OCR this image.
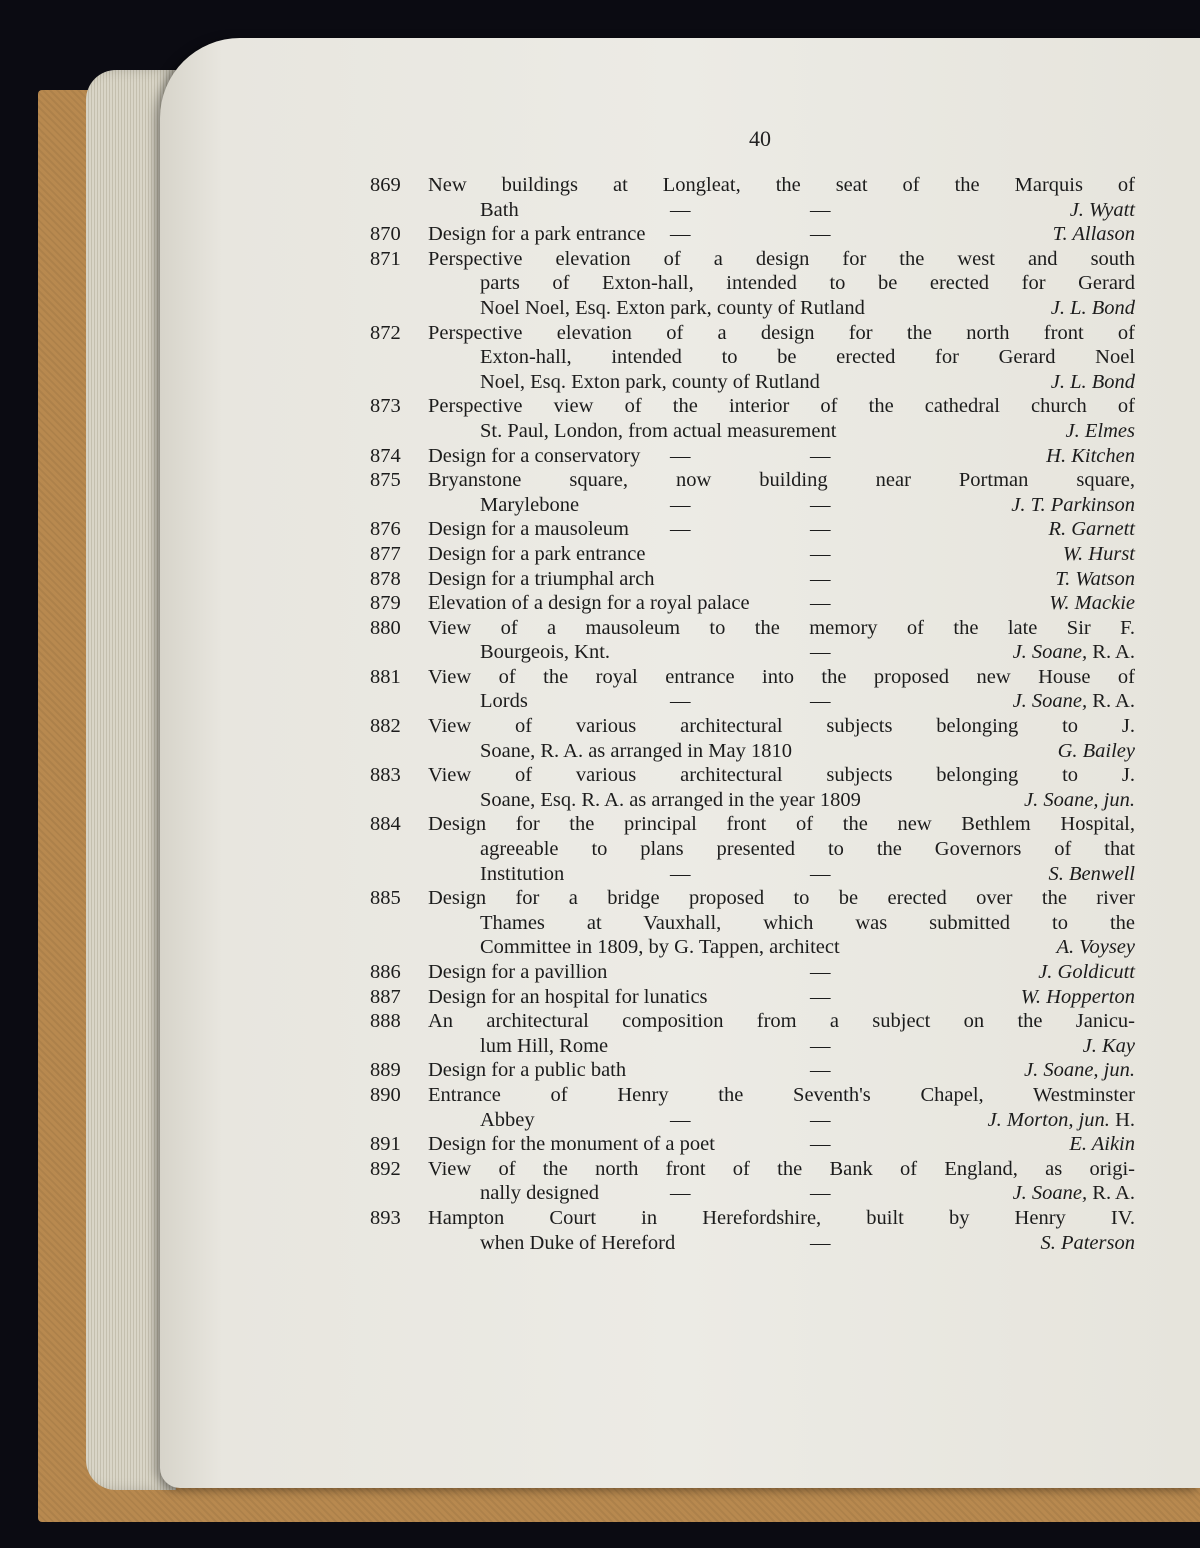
40
869	New buildings at Longleat, the seat of the Marquis of
Bath	—	—	J. Wyatt
870	Design for a park entrance —	—	T. Allason
871	Perspective elevation of a design for the west and south
parts of Exton-hall, intended to be erected for Gerard
Noel Noel, Esq. Exton park, county of Rutland	J. L. Bond
872	Perspective elevation of a design for the north front of
Exton-hall, intended to be erected for Gerard Noel
Noel, Esq. Exton park, county of Rutland	J. L. Bond
873	Perspective view of the interior of the cathedral church of
St. Paul, London, from actual measurement	J. Elmes
874	Design for a conservatory —	—	H. Kitchen
875	Bryanstone square, now building near Portman square,
Marylebone	—	—	J. T. Parkinson
876	Design for a mausoleum —	—	R. Garnett
877	Design for a park entrance	—	W. Hurst
878	Design for a triumphal arch	—	T. Watson
879	Elevation of a design for a royal palace	—	W. Mackie
880	View of a mausoleum to the memory of the late Sir F.
Bourgeois, Knt.	—	J. Soane, R. A.
881	View of the royal entrance into the proposed new House of
Lords	—	—	J. Soane, R. A.
882	View of various architectural subjects belonging to J.
Soane, R. A. as arranged in May 1810	G. Bailey
883	View of various architectural subjects belonging to J.
Soane, Esq. R. A. as arranged in the year 1809	J. Soane, jun.
884	Design for the principal front of the new Bethlem Hospital,
agreeable to plans presented to the Governors of that
Institution	—	—	S. Benwell
885	Design for a bridge proposed to be erected over the river
Thames at Vauxhall, which was submitted to the
Committee in 1809, by G. Tappen, architect	A. Voysey
886	Design for a pavillion	—	J. Goldicutt
887	Design for an hospital for lunatics	—	W. Hopperton
888	An architectural composition from a subject on the Janicu-
lum Hill, Rome	—	J. Kay
889	Design for a public bath	—	J. Soane, jun.
890	Entrance of Henry the Seventh's Chapel, Westminster
Abbey	—	—	J. Morton, jun. H.
891	Design for the monument of a poet	—	E. Aikin
892	View of the north front of the Bank of England, as origi-
nally designed	—	—	J. Soane, R. A.
893	Hampton Court in Herefordshire, built by Henry IV.
when Duke of Hereford	—	S. Paterson
